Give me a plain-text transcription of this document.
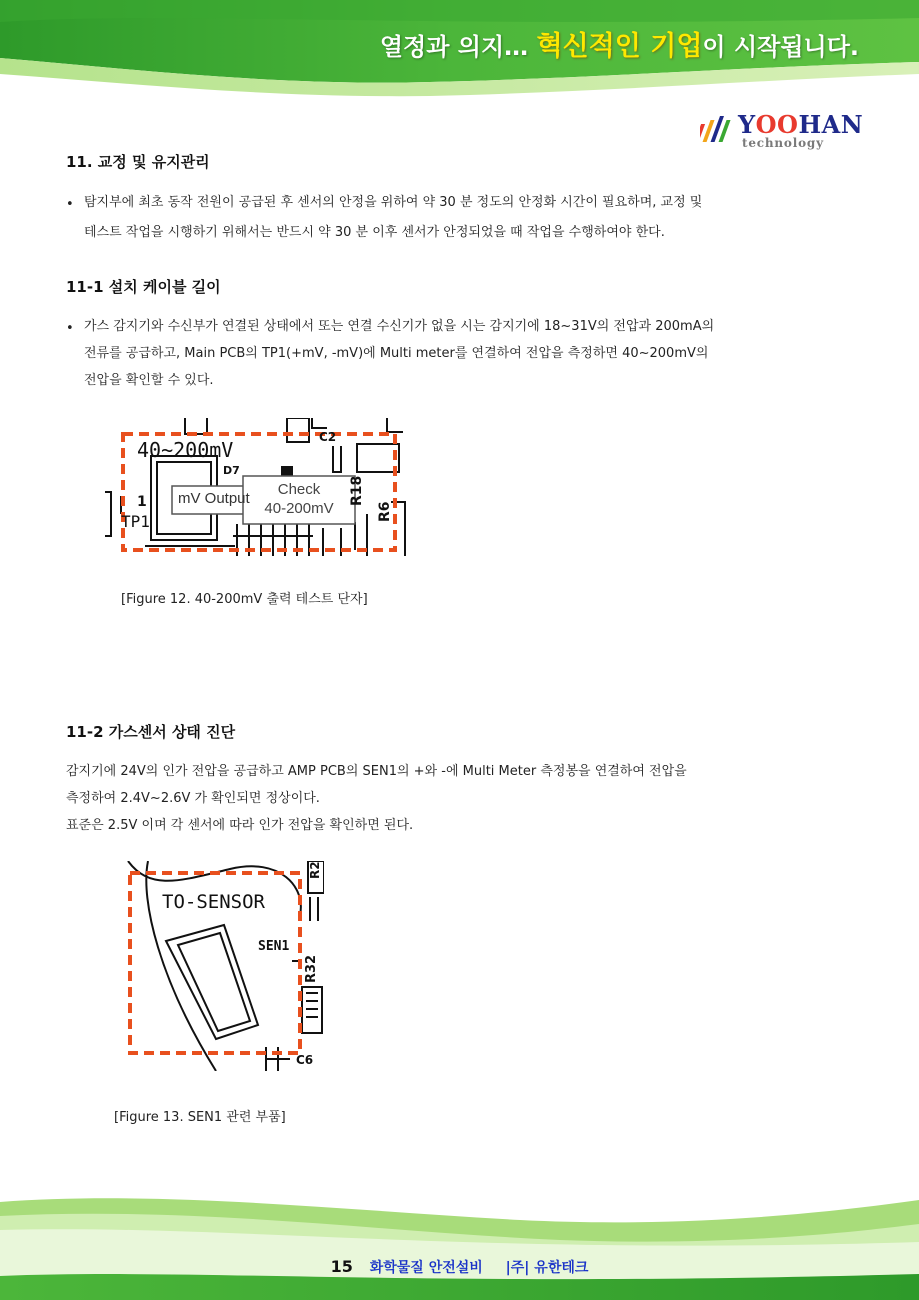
열정과 의지… 혁신적인 기업이 시작됩니다.
YOOHAN
technology
11. 교정 및 유지관리
• 탐지부에 최초 동작 전원이 공급된 후 센서의 안정을 위하여 약 30 분 정도의 안정화 시간이 필요하며, 교정 및
테스트 작업을 시행하기 위해서는 반드시 약 30 분 이후 센서가 안정되었을 때 작업을 수행하여야 한다.
11-1 설치 케이블 길이
• 가스 감지기와 수신부가 연결된 상태에서 또는 연결 수신기가 없을 시는 감지기에 18~31V의 전압과 200mA의
전류를 공급하고, Main PCB의 TP1(+mV, -mV)에 Multi meter를 연결하여 전압을 측정하면 40~200mV의
전압을 확인할 수 있다.
40~200mV
D7
C2
mV Output
Check
40-200mV
1
TP1
R18
R6
[Figure 12. 40-200mV 출력 테스트 단자]
11-2 가스센서 상태 진단
감지기에 24V의 인가 전압을 공급하고 AMP PCB의 SEN1의 +와 -에 Multi Meter 측정봉을 연결하여 전압을
측정하여 2.4V~2.6V 가 확인되면 정상이다.
표준은 2.5V 이며 각 센서에 따라 인가 전압을 확인하면 된다.
TO-SENSOR
SEN1
R2
R32
C6
[Figure 13. SEN1 관련 부품]
15 화학물질 안전설비 |주| 유한테크
